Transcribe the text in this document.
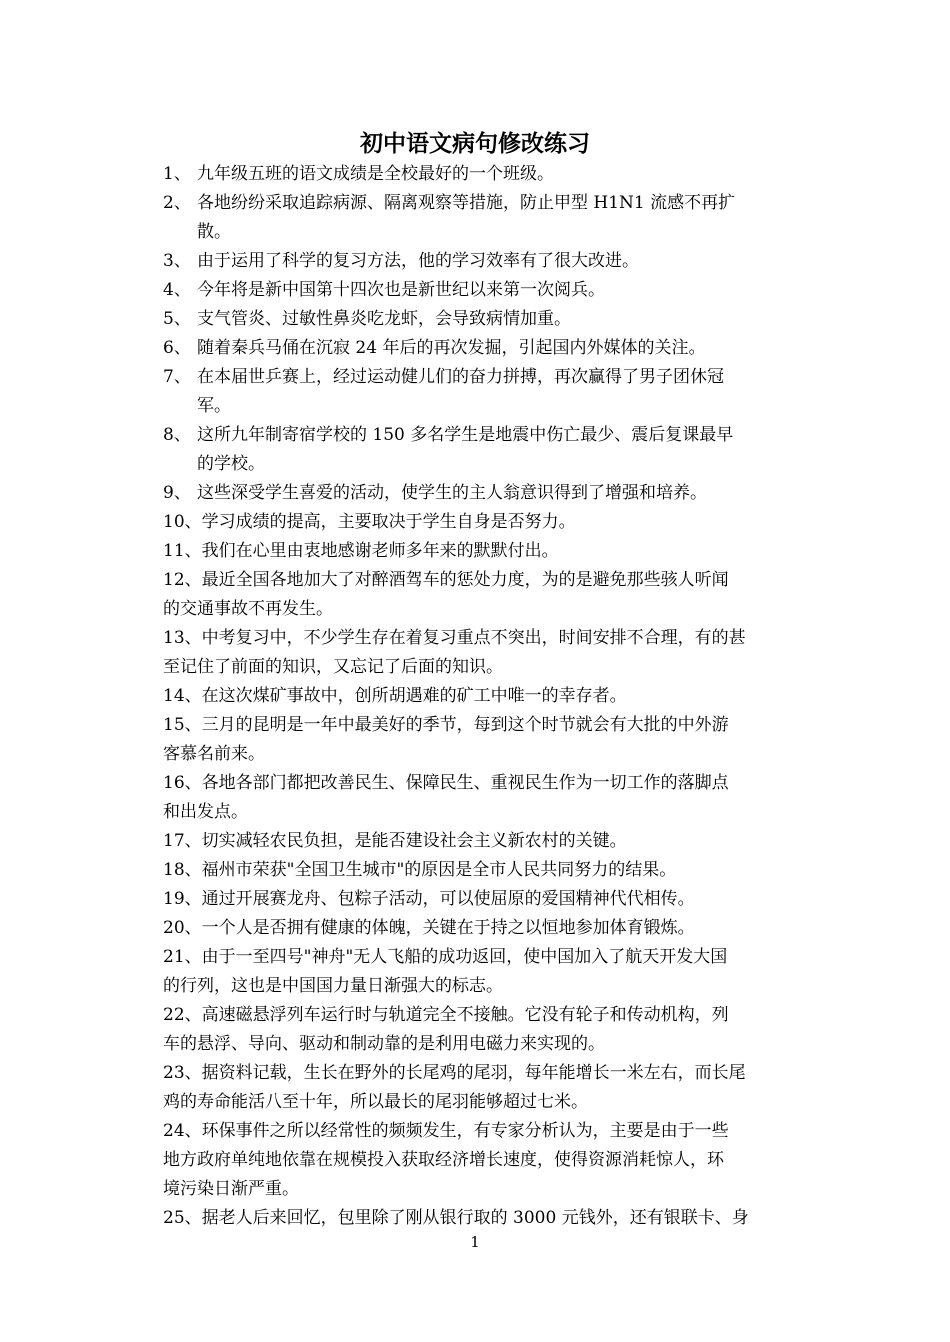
初中语文病句修改练习
1、 九年级五班的语文成绩是全校最好的一个班级。
2、 各地纷纷采取追踪病源、隔离观察等措施，防止甲型 H1N1 流感不再扩
散。
3、 由于运用了科学的复习方法，他的学习效率有了很大改进。
4、 今年将是新中国第十四次也是新世纪以来第一次阅兵。
5、 支气管炎、过敏性鼻炎吃龙虾，会导致病情加重。
6、 随着秦兵马俑在沉寂 24 年后的再次发掘，引起国内外媒体的关注。
7、 在本届世乒赛上，经过运动健儿们的奋力拼搏，再次赢得了男子团休冠
军。
8、 这所九年制寄宿学校的 150 多名学生是地震中伤亡最少、震后复课最早
的学校。
9、 这些深受学生喜爱的活动，使学生的主人翁意识得到了增强和培养。
10、学习成绩的提高，主要取决于学生自身是否努力。
11、我们在心里由衷地感谢老师多年来的默默付出。
12、最近全国各地加大了对醉酒驾车的惩处力度，为的是避免那些骇人听闻
的交通事故不再发生。
13、中考复习中，不少学生存在着复习重点不突出，时间安排不合理，有的甚
至记住了前面的知识，又忘记了后面的知识。
14、在这次煤矿事故中，创所胡遇难的矿工中唯一的幸存者。
15、三月的昆明是一年中最美好的季节，每到这个时节就会有大批的中外游
客慕名前来。
16、各地各部门都把改善民生、保障民生、重视民生作为一切工作的落脚点
和出发点。
17、切实减轻农民负担，是能否建设社会主义新农村的关键。
18、福州市荣获"全国卫生城市"的原因是全市人民共同努力的结果。
19、通过开展赛龙舟、包粽子活动，可以使屈原的爱国精神代代相传。
20、一个人是否拥有健康的体魄，关键在于持之以恒地参加体育锻炼。
21、由于一至四号"神舟"无人飞船的成功返回，使中国加入了航天开发大国
的行列，这也是中国国力量日渐强大的标志。
22、高速磁悬浮列车运行时与轨道完全不接触。它没有轮子和传动机构，列
车的悬浮、导向、驱动和制动靠的是利用电磁力来实现的。
23、据资料记载，生长在野外的长尾鸡的尾羽，每年能增长一米左右，而长尾
鸡的寿命能活八至十年，所以最长的尾羽能够超过七米。
24、环保事件之所以经常性的频频发生，有专家分析认为，主要是由于一些
地方政府单纯地依靠在规模投入获取经济增长速度，使得资源消耗惊人，环
境污染日渐严重。
25、据老人后来回忆，包里除了刚从银行取的 3000 元钱外，还有银联卡、身
1
